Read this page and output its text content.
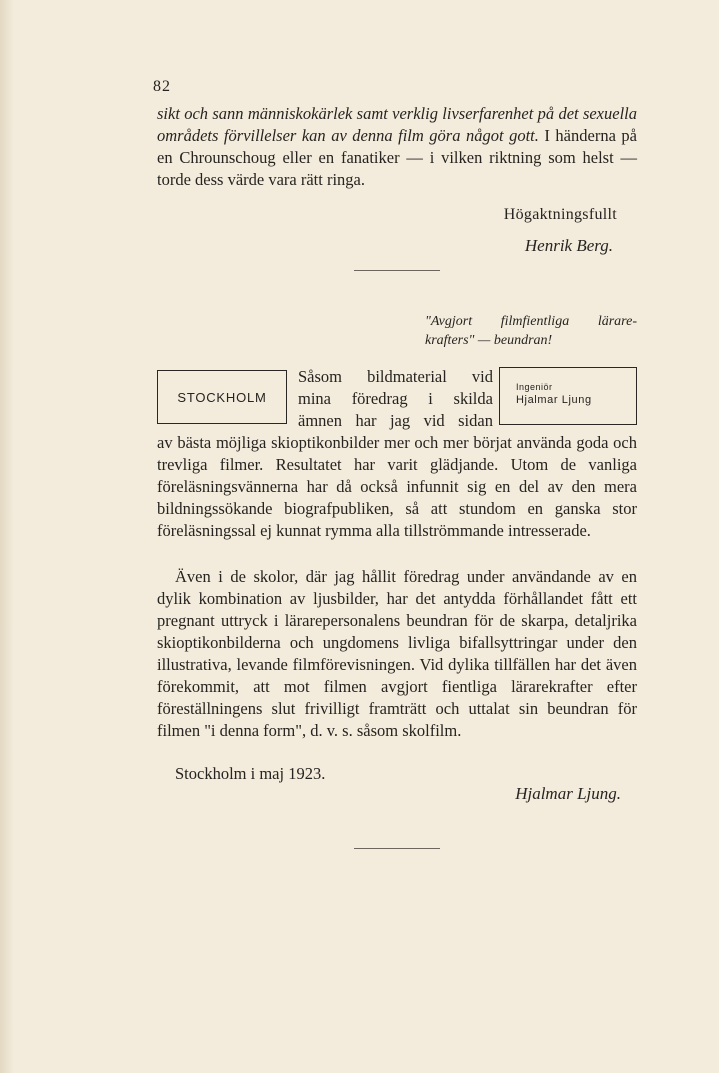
82

sikt och sann människokärlek samt verklig livserfarenhet på det sexuella områdets förvillelser kan av denna film göra något gott. I händerna på en Chrounschoug eller en fanatiker — i vilken riktning som helst — torde dess värde vara rätt ringa.

Högaktningsfullt
Henrik Berg.
"Avgjort filmfientliga lärare-
krafters" — beundran!
STOCKHOLM
Ingeniör
Hjalmar Ljung
Såsom bildmaterial vid
mina föredrag i skilda
ämnen har jag vid sidan

av bästa möjliga skioptikonbilder mer och mer börjat använda goda och trevliga filmer. Resultatet har varit glädjande. Utom de vanliga föreläsningsvännerna har då också infunnit sig en del av den mera bildningssökande biografpubliken, så att stundom en ganska stor föreläsningssal ej kunnat rymma alla tillströmmande intresserade.

Även i de skolor, där jag hållit föredrag under användande av en dylik kombination av ljusbilder, har det antydda förhållandet fått ett pregnant uttryck i lärarepersonalens beundran för de skarpa, detaljrika skioptikonbilderna och ungdomens livliga bifallsyttringar under den illustrativa, levande filmförevisningen. Vid dylika tillfällen har det även förekommit, att mot filmen avgjort fientliga lärarekrafter efter föreställningens slut frivilligt framträtt och uttalat sin beundran för filmen "i denna form", d. v. s. såsom skolfilm.

Stockholm i maj 1923.
Hjalmar Ljung.
